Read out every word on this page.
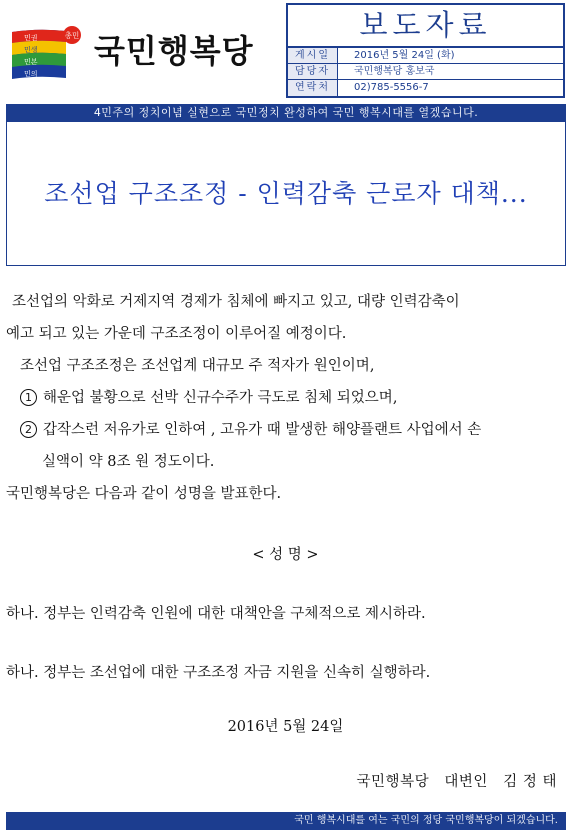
총민
민권
민생
민본
민의
국민행복당
보도자료
게시일	2016년 5월 24일 (화)
담당자	국민행복당 홍보국
연락처	02)785-5556-7
4민주의 정치이념 실현으로 국민정치 완성하여 국민 행복시대를 열겠습니다.
조선업 구조조정 - 인력감축 근로자 대책...
조선업의 악화로 거제지역 경제가 침체에 빠지고 있고, 대량 인력감축이
예고 되고 있는 가운데 구조조정이 이루어질 예정이다.
조선업 구조조정은 조선업계 대규모 주 적자가 원인이며,
1 해운업 불황으로 선박 신규수주가 극도로 침체 되었으며,
2 갑작스런 저유가로 인하여 , 고유가 때 발생한 해양플랜트 사업에서 손
실액이 약 8조 원 정도이다.
국민행복당은 다음과 같이 성명을 발표한다.
< 성 명 >
하나. 정부는 인력감축 인원에 대한 대책안을 구체적으로 제시하라.
하나. 정부는 조선업에 대한 구조조정 자금 지원을 신속히 실행하라.
2016년 5월 24일
국민행복당   대변인   김 정 태
국민 행복시대를 여는 국민의 정당 국민행복당이 되겠습니다.
